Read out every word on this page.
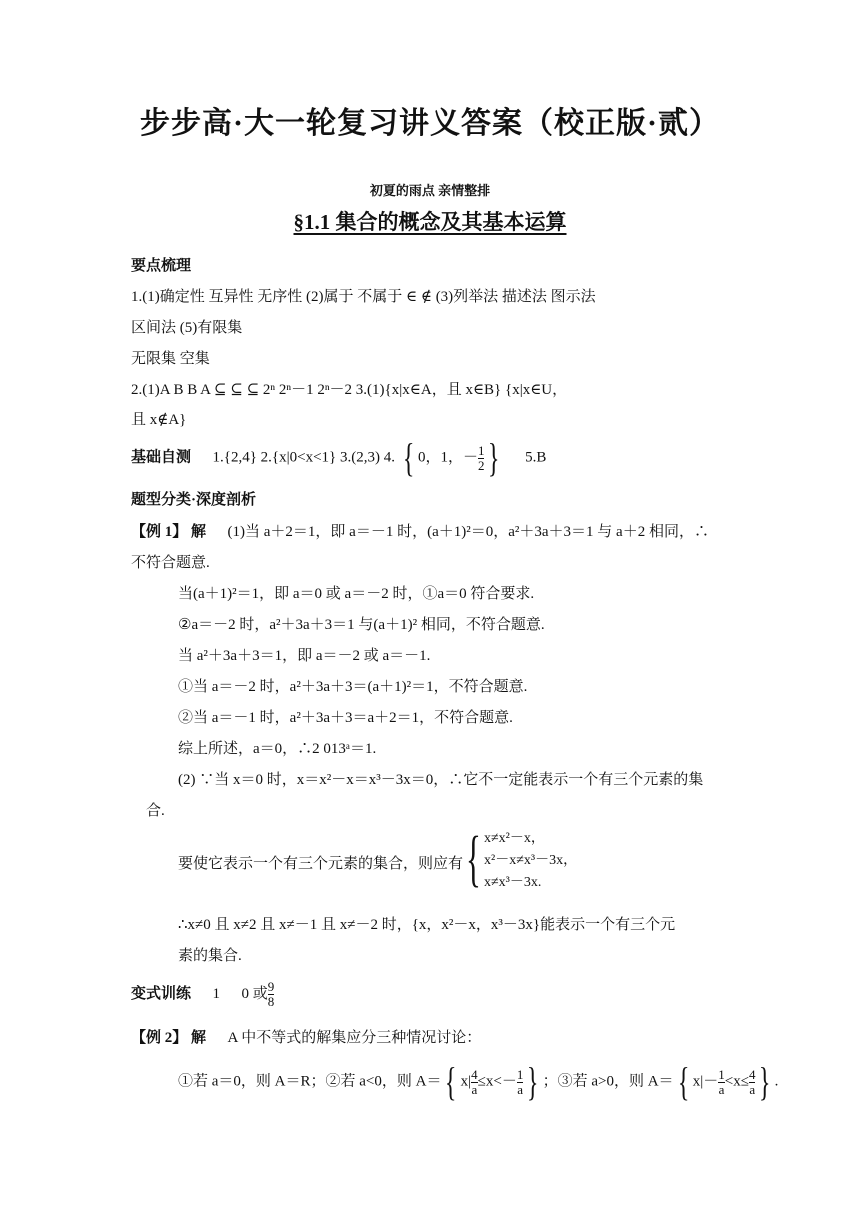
步步高·大一轮复习讲义答案（校正版·贰）
初夏的雨点 亲情整排
§1.1 集合的概念及其基本运算
要点梳理
1.(1)确定性 互异性 无序性 (2)属于 不属于 ∈ ∉ (3)列举法 描述法 图示法
区间法 (5)有限集
无限集 空集
2.(1)A B B A ⊆ ⊆ ⊆ 2ⁿ 2ⁿ－1 2ⁿ－2 3.(1){x|x∈A，且 x∈B} {x|x∈U，
且 x∉A}
基础自测 1.{2,4} 2.{x|0<x<1} 3.(2,3) 4. { 0，1，－ $\frac{1}{2}$ } 5.B
题型分类·深度剖析
【例 1】 解 (1)当 a＋2＝1，即 a＝－1 时，(a＋1)²＝0，a²＋3a＋3＝1 与 a＋2 相同，∴
不符合题意.
当(a＋1)²＝1，即 a＝0 或 a＝－2 时，①a＝0 符合要求.
②a＝－2 时，a²＋3a＋3＝1 与(a＋1)² 相同，不符合题意.
当 a²＋3a＋3＝1，即 a＝－2 或 a＝－1.
①当 a＝－2 时，a²＋3a＋3＝(a＋1)²＝1，不符合题意.
②当 a＝－1 时，a²＋3a＋3＝a＋2＝1，不符合题意.
综上所述，a＝0，∴2 013ᵃ＝1.
(2) ∵当 x＝0 时，x＝x²－x＝x³－3x＝0，∴它不一定能表示一个有三个元素的集
合.
要使它表示一个有三个元素的集合，则应有 { x≠x²－x，
x²－x≠x³－3x，
x≠x³－3x.
∴x≠0 且 x≠2 且 x≠－1 且 x≠－2 时，{x，x²－x，x³－3x}能表示一个有三个元
素的集合.
变式训练 1 0 或 $\frac{9}{8}$
【例 2】 解 A 中不等式的解集应分三种情况讨论：
①若 a＝0，则 A＝R；②若 a<0，则 A＝{ $x| \frac{4}{a} \le x<- \frac{1}{a}$ } ；③若 a>0，则 A＝{ $x|- \frac{1}{a} <x\le \frac{4}{a}$ } .
